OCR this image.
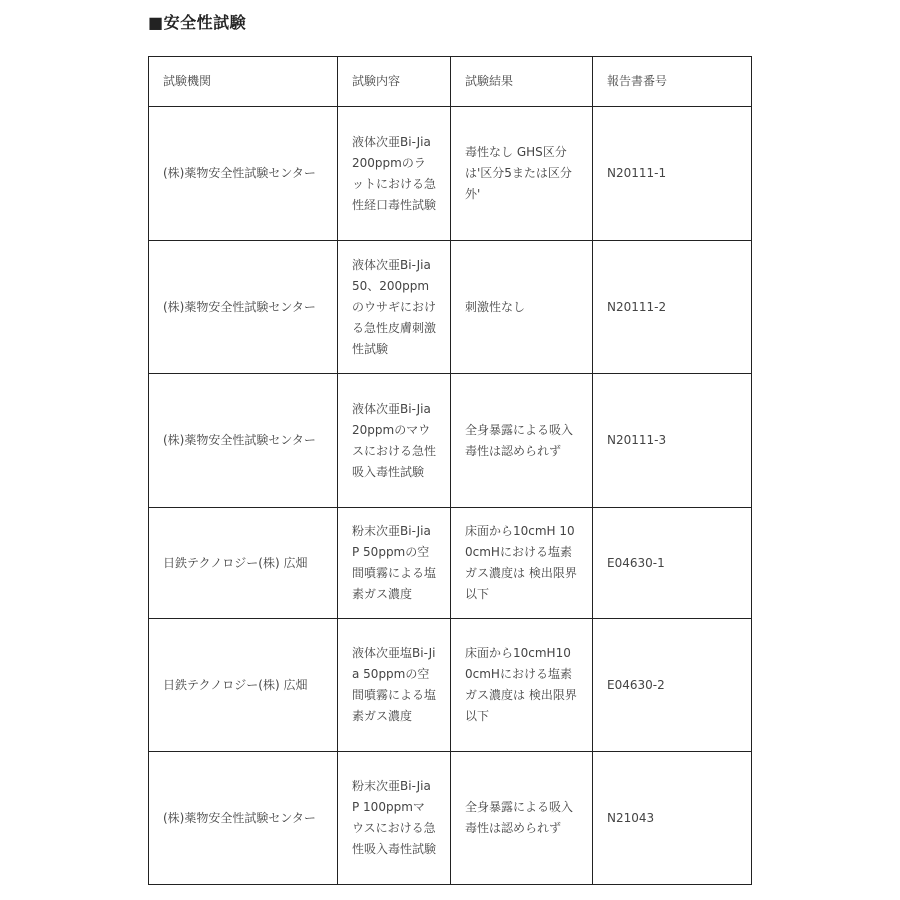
■安全性試験
試験機関	試験内容	試験結果	報告書番号
(株)薬物安全性試験センター	液体次亜Bi-Jia 200ppmのラットにおける急性経口毒性試験	毒性なし GHS区分は'区分5または区分外'	N20111-1
(株)薬物安全性試験センター	液体次亜Bi-Jia 50、200ppmのウサギにおける急性皮膚刺激性試験	刺激性なし	N20111-2
(株)薬物安全性試験センター	液体次亜Bi-Jia20ppmのマウスにおける急性吸入毒性試験	全身暴露による吸入毒性は認められず	N20111-3
日鉄テクノロジー(株) 広畑	粉末次亜Bi-Jia P 50ppmの空間噴霧による塩素ガス濃度	床面から10cmH 100cmHにおける塩素ガス濃度は 検出限界以下	E04630-1
日鉄テクノロジー(株) 広畑	液体次亜塩Bi-Jia 50ppmの空間噴霧による塩素ガス濃度	床面から10cmH100cmHにおける塩素ガス濃度は 検出限界以下	E04630-2
(株)薬物安全性試験センター	粉末次亜Bi-Jia P 100ppmマウスにおける急性吸入毒性試験	全身暴露による吸入毒性は認められず	N21043
